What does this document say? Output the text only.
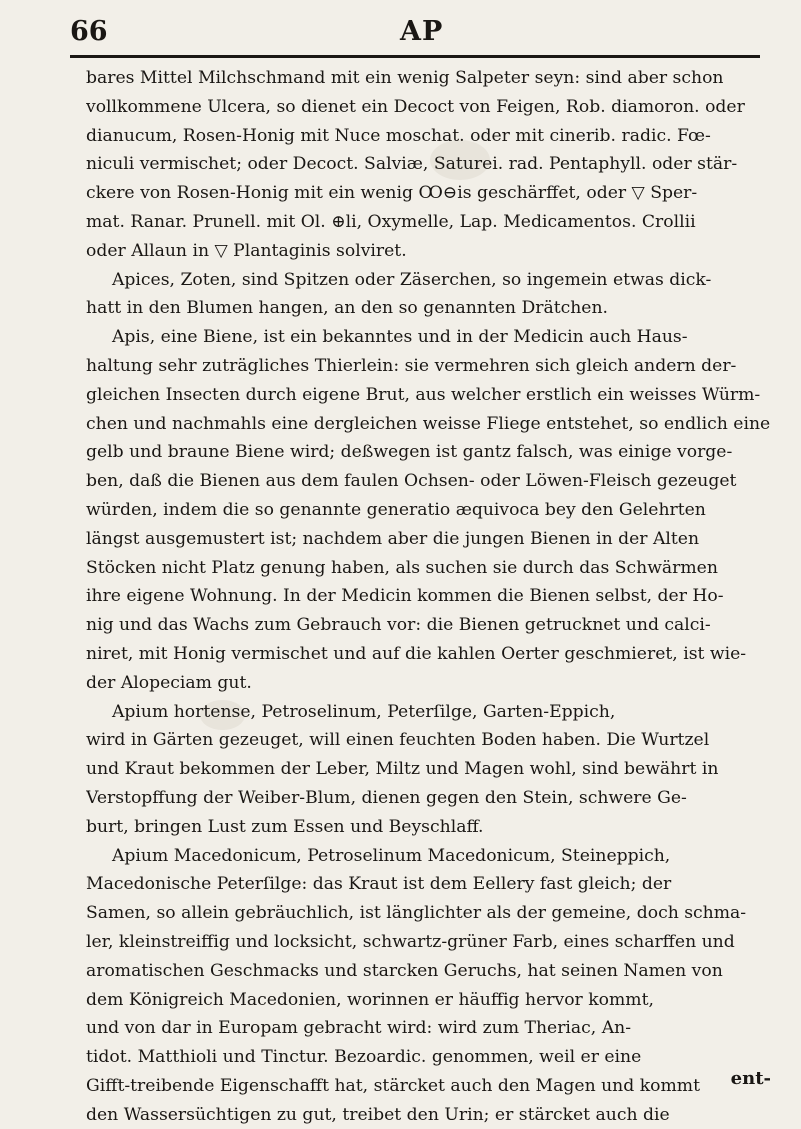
66	AP
bares Mittel Milchschmand mit ein wenig Salpeter seyn: sind aber schon
vollkommene Ulcera, so dienet ein Decoct von Feigen, Rob. diamoron. oder
dianucum, Rosen-Honig mit Nuce moschat. oder mit cinerib. radic. Fœ-
niculi vermischet; oder Decoct. Salviæ, Saturei. rad. Pentaphyll. oder stär-
ckere von Rosen-Honig mit ein wenig Ꝏ⊖is geschärffet, oder ▽ Sper-
mat. Ranar. Prunell. mit Ol. ⊕li, Oxymelle, Lap. Medicamentos. Crollii
oder Allaun in ▽ Plantaginis solviret.
Apices, Zoten, sind Spitzen oder Zäserchen, so ingemein etwas dick-
hatt in den Blumen hangen, an den so genannten Drätchen.
Apis, eine Biene, ist ein bekanntes und in der Medicin auch Haus-
haltung sehr zuträgliches Thierlein: sie vermehren sich gleich andern der-
gleichen Insecten durch eigene Brut, aus welcher erstlich ein weisses Würm-
chen und nachmahls eine dergleichen weisse Fliege entstehet, so endlich eine
gelb und braune Biene wird; deßwegen ist gantz falsch, was einige vorge-
ben, daß die Bienen aus dem faulen Ochsen- oder Löwen-Fleisch gezeuget
würden, indem die so genannte generatio æquivoca bey den Gelehrten
längst ausgemustert ist; nachdem aber die jungen Bienen in der Alten
Stöcken nicht Platz genung haben, als suchen sie durch das Schwärmen
ihre eigene Wohnung. In der Medicin kommen die Bienen selbst, der Ho-
nig und das Wachs zum Gebrauch vor: die Bienen getrucknet und calci-
niret, mit Honig vermischet und auf die kahlen Oerter geschmieret, ist wie-
der Alopeciam gut.
Apium hortense, Petroselinum, Peterſilge, Garten-Eppich,
wird in Gärten gezeuget, will einen feuchten Boden haben. Die Wurtzel
und Kraut bekommen der Leber, Miltz und Magen wohl, sind bewährt in
Verstopffung der Weiber-Blum, dienen gegen den Stein, schwere Ge-
burt, bringen Lust zum Essen und Beyschlaff.
Apium Macedonicum, Petroselinum Macedonicum, Steineppich,
Macedonische Peterſilge: das Kraut ist dem Eellery fast gleich; der
Samen, so allein gebräuchlich, ist länglichter als der gemeine, doch schma-
ler, kleinstreiffig und locksicht, schwartz-grüner Farb, eines scharffen und
aromatischen Geschmacks und starcken Geruchs, hat seinen Namen von
dem Königreich Macedonien, worinnen er häuffig hervor kommt,
und von dar in Europam gebracht wird: wird zum Theriac, An-
tidot. Matthioli und Tinctur. Bezoardic. genommen, weil er eine
Gifft-treibende Eigenschafft hat, stärcket auch den Magen und kommt
den Wassersüchtigen zu gut, treibet den Urin; er stärcket auch die
ent-
